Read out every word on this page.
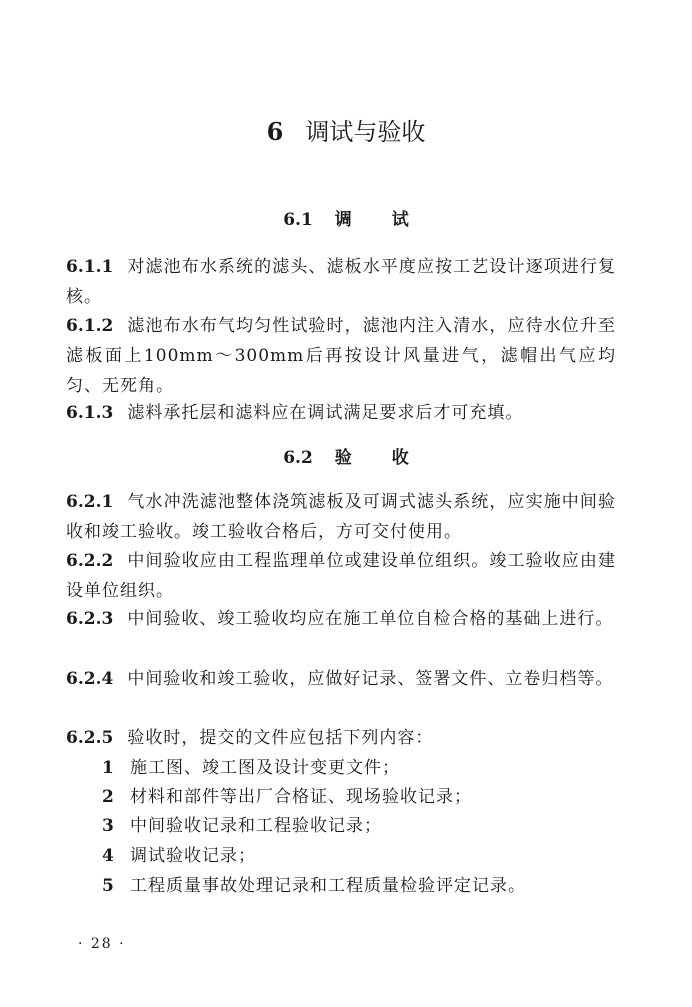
6 调试与验收
6.1 调 试
6.1.1 对滤池布水系统的滤头、滤板水平度应按工艺设计逐项进行复核。
6.1.2 滤池布水布气均匀性试验时，滤池内注入清水，应待水位升至滤板面上100mm～300mm后再按设计风量进气，滤帽出气应均匀、无死角。
6.1.3 滤料承托层和滤料应在调试满足要求后才可充填。
6.2 验 收
6.2.1 气水冲洗滤池整体浇筑滤板及可调式滤头系统，应实施中间验收和竣工验收。竣工验收合格后，方可交付使用。
6.2.2 中间验收应由工程监理单位或建设单位组织。竣工验收应由建设单位组织。
6.2.3 中间验收、竣工验收均应在施工单位自检合格的基础上进行。
6.2.4 中间验收和竣工验收，应做好记录、签署文件、立卷归档等。
6.2.5 验收时，提交的文件应包括下列内容：
1 施工图、竣工图及设计变更文件；
2 材料和部件等出厂合格证、现场验收记录；
3 中间验收记录和工程验收记录；
4 调试验收记录；
5 工程质量事故处理记录和工程质量检验评定记录。
· 28 ·
